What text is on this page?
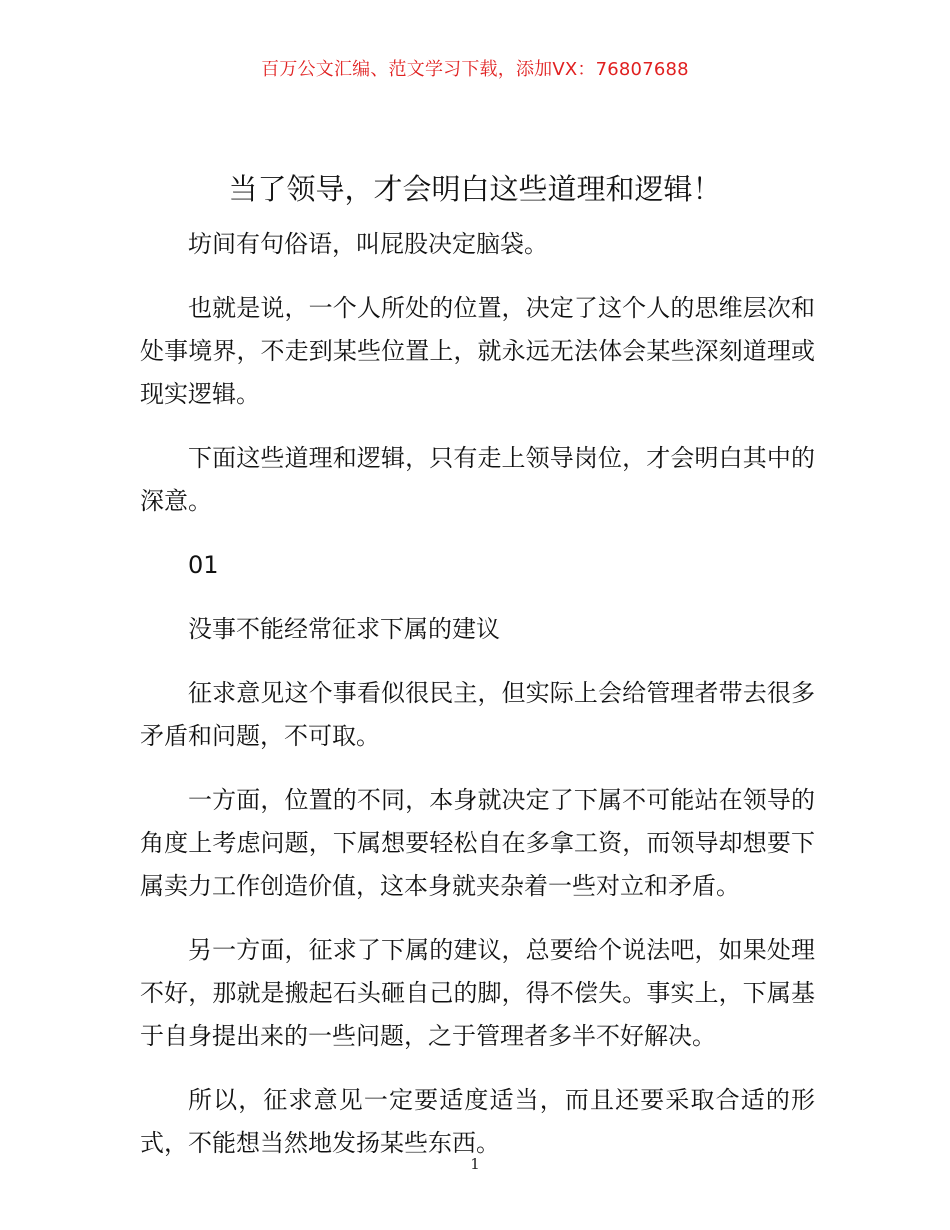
百万公文汇编、范文学习下载，添加VX：76807688
当了领导，才会明白这些道理和逻辑！

坊间有句俗语，叫屁股决定脑袋。

也就是说，一个人所处的位置，决定了这个人的思维层次和处事境界，不走到某些位置上，就永远无法体会某些深刻道理或现实逻辑。

下面这些道理和逻辑，只有走上领导岗位，才会明白其中的深意。

01

没事不能经常征求下属的建议

征求意见这个事看似很民主，但实际上会给管理者带去很多矛盾和问题，不可取。

一方面，位置的不同，本身就决定了下属不可能站在领导的角度上考虑问题，下属想要轻松自在多拿工资，而领导却想要下属卖力工作创造价值，这本身就夹杂着一些对立和矛盾。

另一方面，征求了下属的建议，总要给个说法吧，如果处理不好，那就是搬起石头砸自己的脚，得不偿失。事实上，下属基于自身提出来的一些问题，之于管理者多半不好解决。

所以，征求意见一定要适度适当，而且还要采取合适的形式，不能想当然地发扬某些东西。

1
